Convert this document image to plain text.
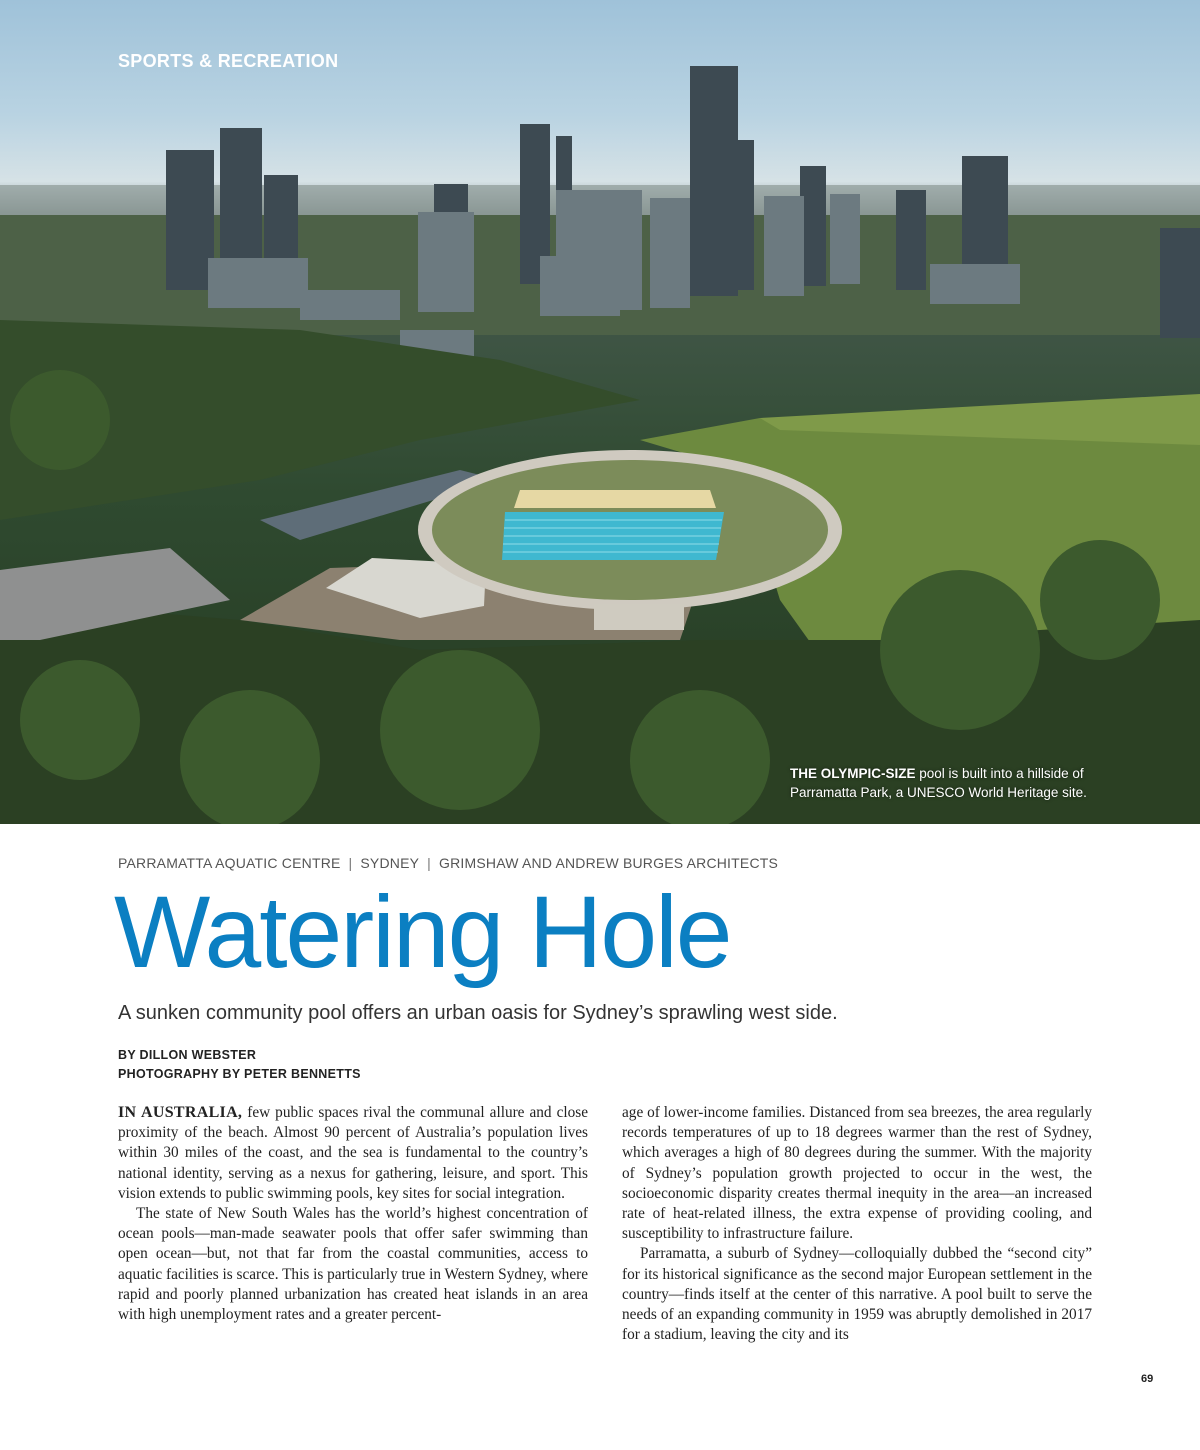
SPORTS & RECREATION
THE OLYMPIC-SIZE pool is built into a hillside of Parramatta Park, a UNESCO World Heritage site.
PARRAMATTA AQUATIC CENTRE | SYDNEY | GRIMSHAW AND ANDREW BURGES ARCHITECTS
Watering Hole
A sunken community pool offers an urban oasis for Sydney’s sprawling west side.
BY DILLON WEBSTER
PHOTOGRAPHY BY PETER BENNETTS

IN AUSTRALIA, few public spaces rival the communal allure and close proximity of the beach. Almost 90 percent of Australia’s population lives within 30 miles of the coast, and the sea is fundamental to the country’s national identity, serving as a nexus for gathering, leisure, and sport. This vision extends to public swimming pools, key sites for social integration.

The state of New South Wales has the world’s highest concentration of ocean pools—man-made seawater pools that offer safer swimming than open ocean—but, not that far from the coastal communities, access to aquatic facilities is scarce. This is particularly true in Western Sydney, where rapid and poorly planned urbanization has created heat islands in an area with high unemployment rates and a greater percent-

age of lower-income families. Distanced from sea breezes, the area regularly records temperatures of up to 18 degrees warmer than the rest of Sydney, which averages a high of 80 degrees during the summer. With the majority of Sydney’s population growth projected to occur in the west, the socioeconomic disparity creates thermal inequity in the area—an increased rate of heat-related illness, the extra expense of providing cooling, and susceptibility to infrastructure failure.

Parramatta, a suburb of Sydney—colloquially dubbed the “second city” for its historical significance as the second major European settlement in the country—finds itself at the center of this narrative. A pool built to serve the needs of an expanding community in 1959 was abruptly demolished in 2017 for a stadium, leaving the city and its

69
